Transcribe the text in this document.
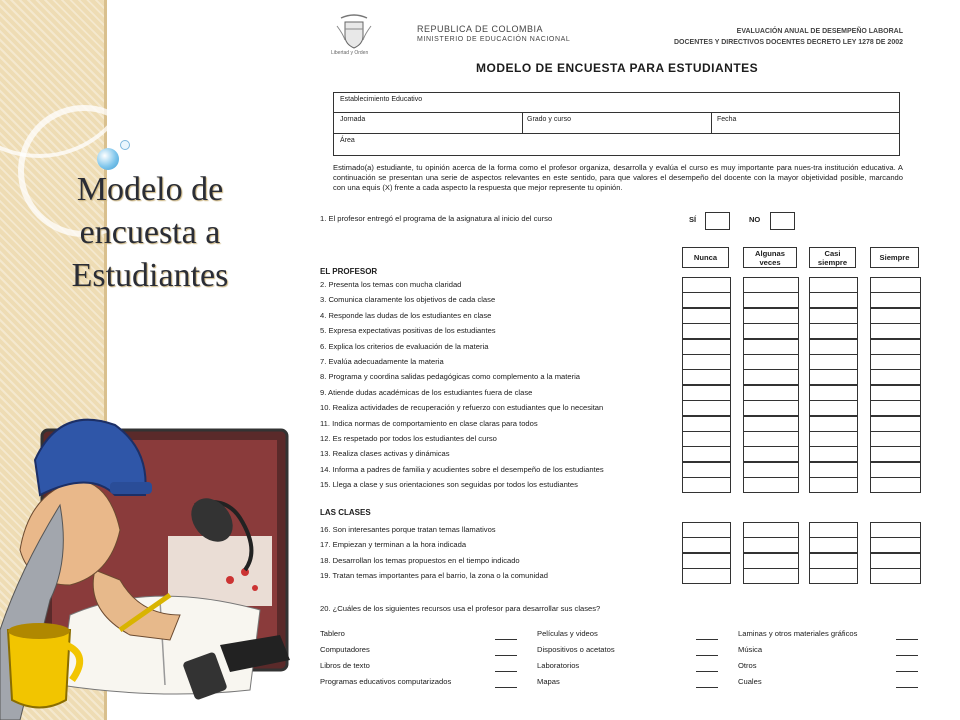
Modelo de
encuesta a
Estudiantes
Libertad y Orden
REPUBLICA DE COLOMBIA
MINISTERIO DE EDUCACIÓN NACIONAL
EVALUACIÓN ANUAL DE DESEMPEÑO LABORAL
DOCENTES Y DIRECTIVOS DOCENTES DECRETO LEY 1278 DE 2002
MODELO DE ENCUESTA PARA ESTUDIANTES
Establecimiento Educativo
Jornada	Grado y curso	Fecha
Área
Estimado(a) estudiante, tu opinión acerca de la forma como el profesor organiza, desarrolla y evalúa el curso es muy importante para nues-tra institución educativa. A continuación se presentan una serie de aspectos relevantes en este sentido, para que valores el desempeño del docente con la mayor objetividad posible, marcando con una equis (X) frente a cada aspecto la respuesta que mejor represente tu opinión.
1. El profesor entregó el programa de la asignatura al inicio del curso	SÍ	NO
Nunca	Algunas veces
Casi siempre	Siempre
EL PROFESOR
2. Presenta los temas con mucha claridad
3. Comunica claramente los objetivos de cada clase
4. Responde las dudas de los estudiantes en clase
5. Expresa expectativas positivas de los estudiantes
6. Explica los criterios de evaluación de la materia
7. Evalúa adecuadamente la materia
8. Programa y coordina salidas pedagógicas como complemento a la materia
9. Atiende dudas académicas de los estudiantes fuera de clase
10. Realiza actividades de recuperación y refuerzo con estudiantes que lo necesitan
11. Indica normas de comportamiento en clase claras para todos
12. Es respetado por todos los estudiantes del curso
13. Realiza clases activas y dinámicas
14. Informa a padres de familia y acudientes sobre el desempeño de los estudiantes
15. Llega a clase y sus orientaciones son seguidas por todos los estudiantes
LAS CLASES
16. Son interesantes porque tratan temas llamativos
17. Empiezan y terminan a la hora indicada
18. Desarrollan los temas propuestos en el tiempo indicado
19. Tratan temas importantes para el barrio, la zona o la comunidad
20. ¿Cuáles de los siguientes recursos usa el profesor para desarrollar sus clases?
Tablero	Películas y videos	Laminas y otros materiales gráficos
Computadores	Dispositivos o acetatos	Música
Libros de texto	Laboratorios	Otros
Programas educativos computarizados	Mapas	Cuales
